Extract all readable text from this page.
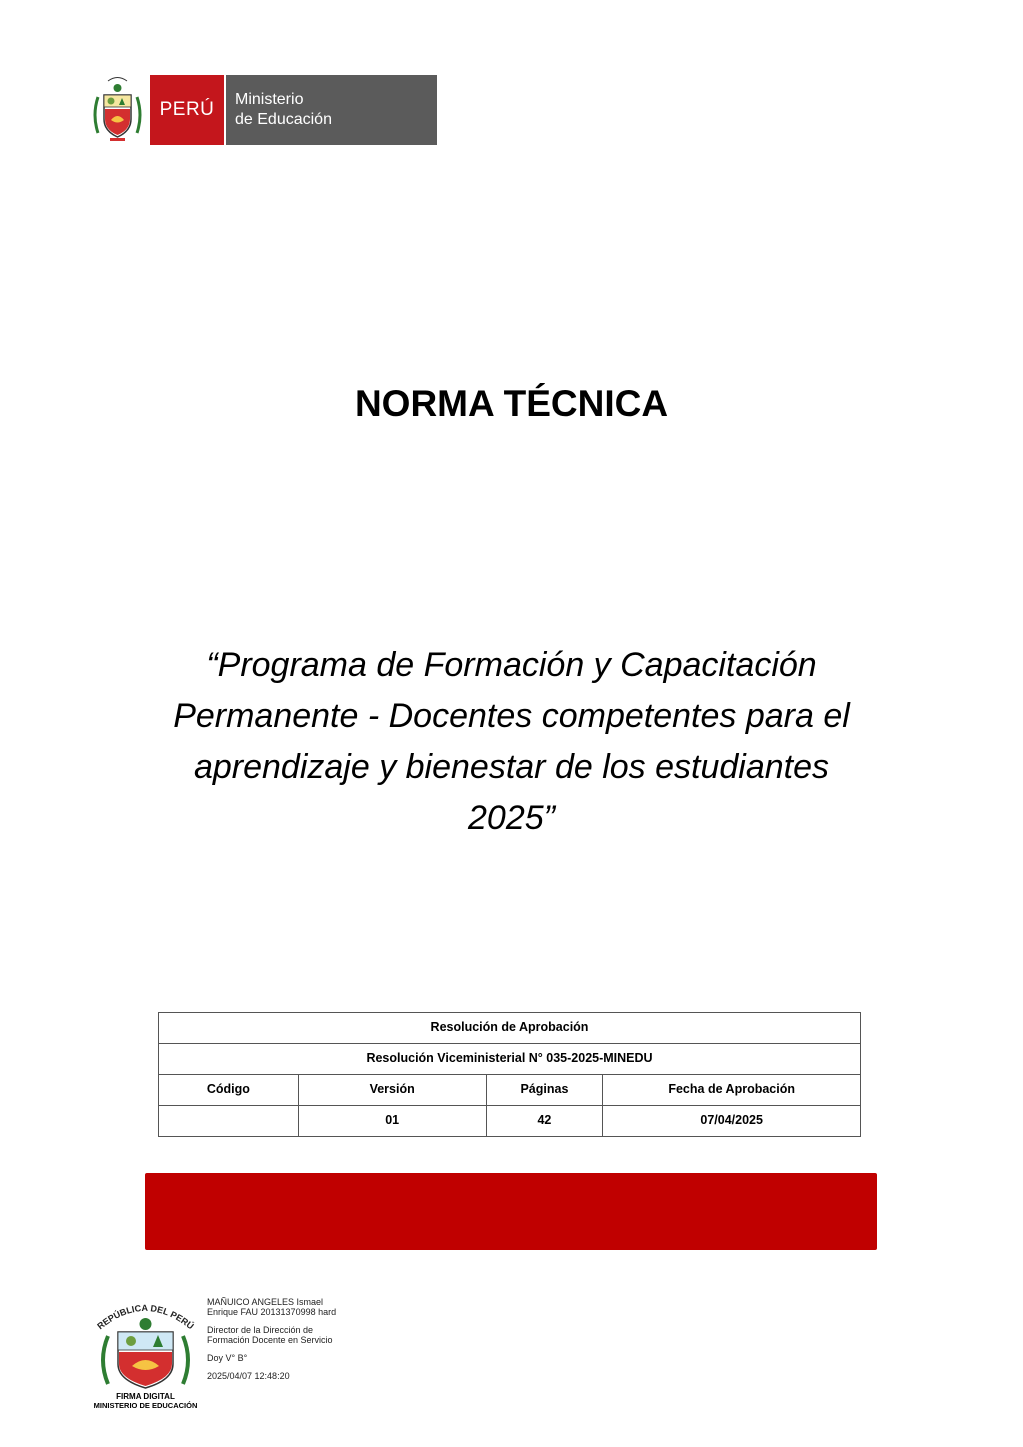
PERÚ	Ministerio
de Educación
NORMA TÉCNICA
“Programa de Formación y Capacitación Permanente - Docentes competentes para el aprendizaje y bienestar de los estudiantes 2025”
Resolución de Aprobación			
Resolución Viceministerial N° 035-2025-MINEDU			
Código	Versión	Páginas	Fecha de Aprobación
	01	42	07/04/2025
REPÚBLICA DEL PERÚ
FIRMA DIGITAL
MINISTERIO DE EDUCACIÓN

MAÑUICO ANGELES Ismael Enrique FAU 20131370998 hard

Director de la Dirección de Formación Docente en Servicio

Doy V° B°

2025/04/07 12:48:20
